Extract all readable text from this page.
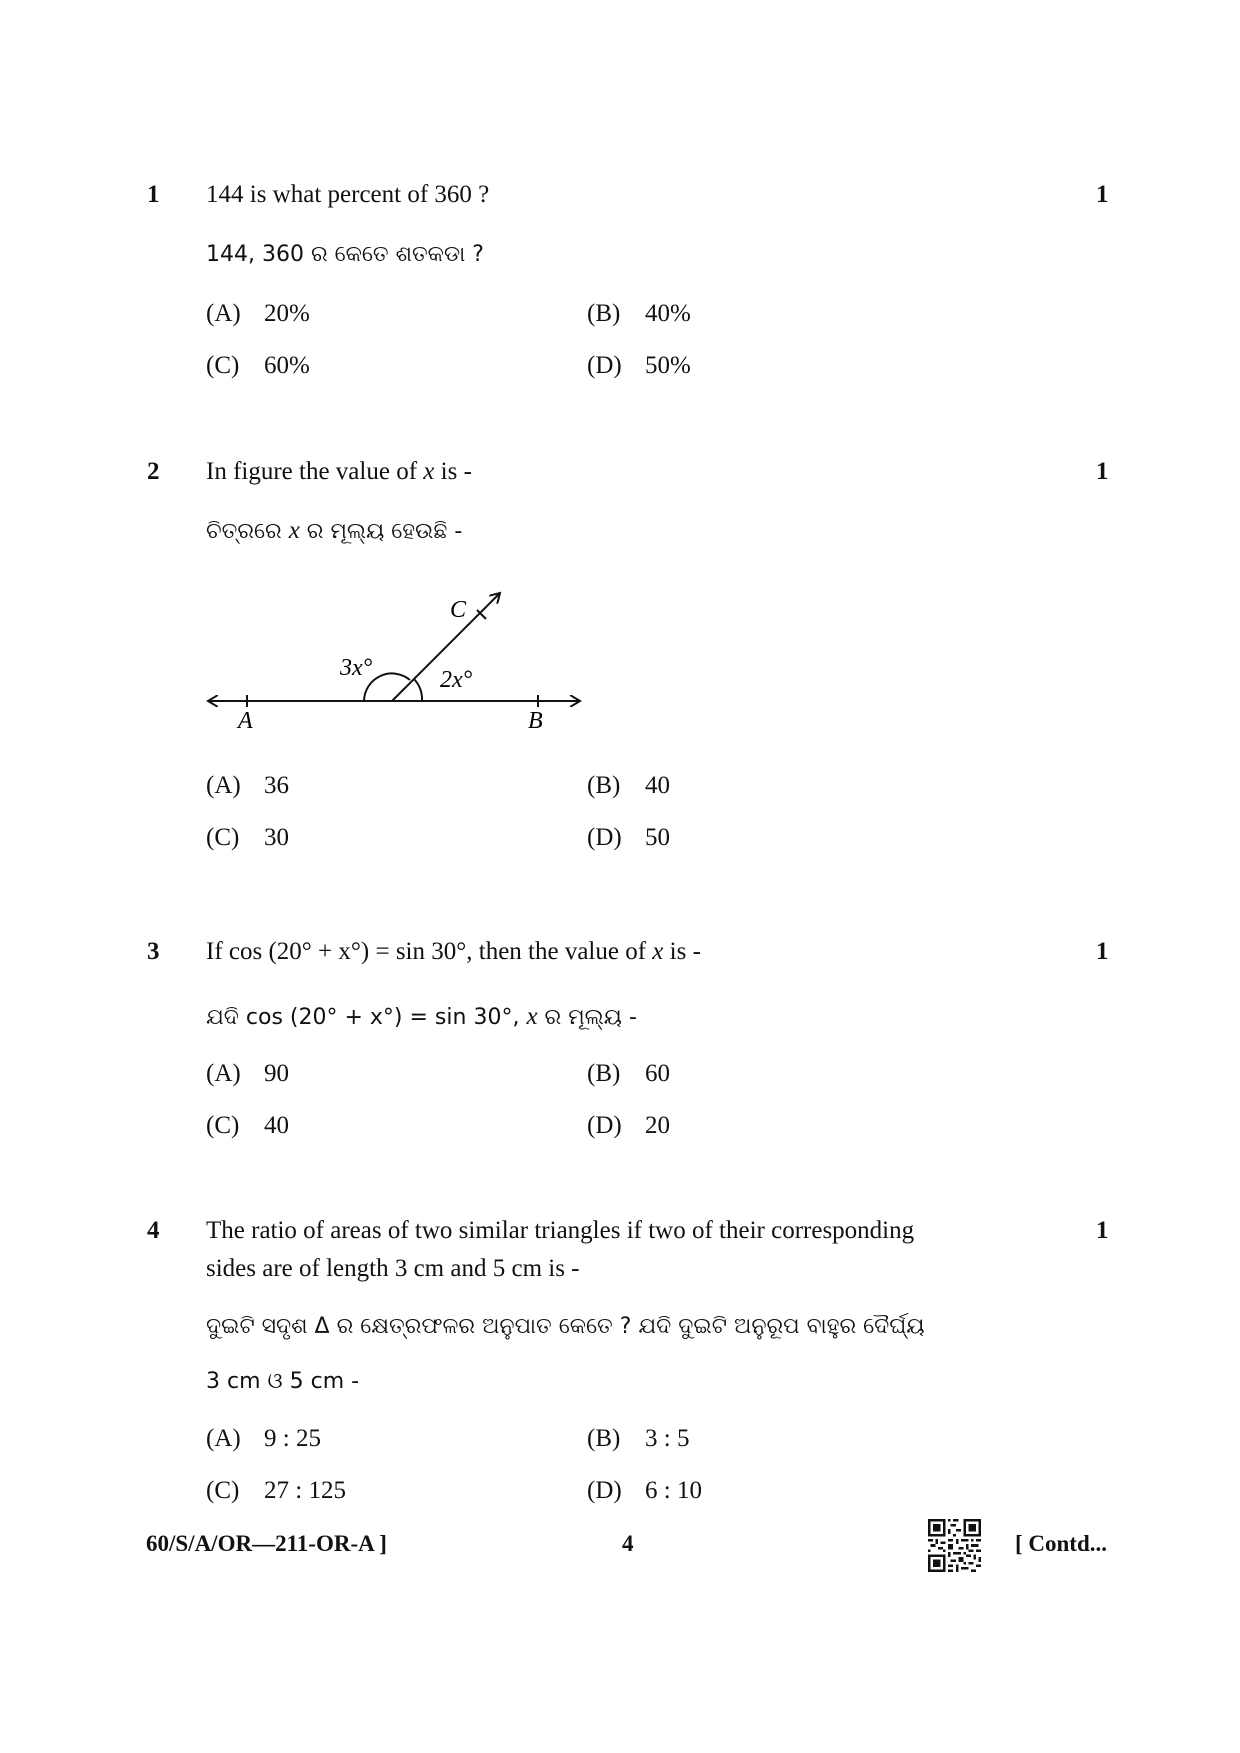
1 144 is what percent of 360 ?	1
144, 360 ର କେତେ ଶତକଡା ?
(A) 20%	(B) 40%
(C) 60%	(D) 50%
2 In figure the value of x is -	1
ଚିତ୍ରରେ x ର ମୂଲ୍ୟ ହେଉଛି -
A	B
C
3x°	2x°
(A) 36	(B) 40
(C) 30	(D) 50
3 If cos (20° + x°) = sin 30°, then the value of x is -	1
ଯଦି cos (20° + x°) = sin 30°, x ର ମୂଲ୍ୟ -
(A) 90	(B) 60
(C) 40	(D) 20
4 The ratio of areas of two similar triangles if two of their corresponding
sides are of length 3 cm and 5 cm is -
1
ଦୁଇଟି ସଦୃଶ Δ ର କ୍ଷେତ୍ରଫଳର ଅନୁପାତ କେତେ ? ଯଦି ଦୁଇଟି ଅନୁରୂପ ବାହୁର ଦୈର୍ଘ୍ୟ
3 cm ଓ 5 cm -
(A) 9 : 25	(B) 3 : 5
(C) 27 : 125	(D) 6 : 10
60/S/A/OR—211-OR-A ]	4	[ Contd...
